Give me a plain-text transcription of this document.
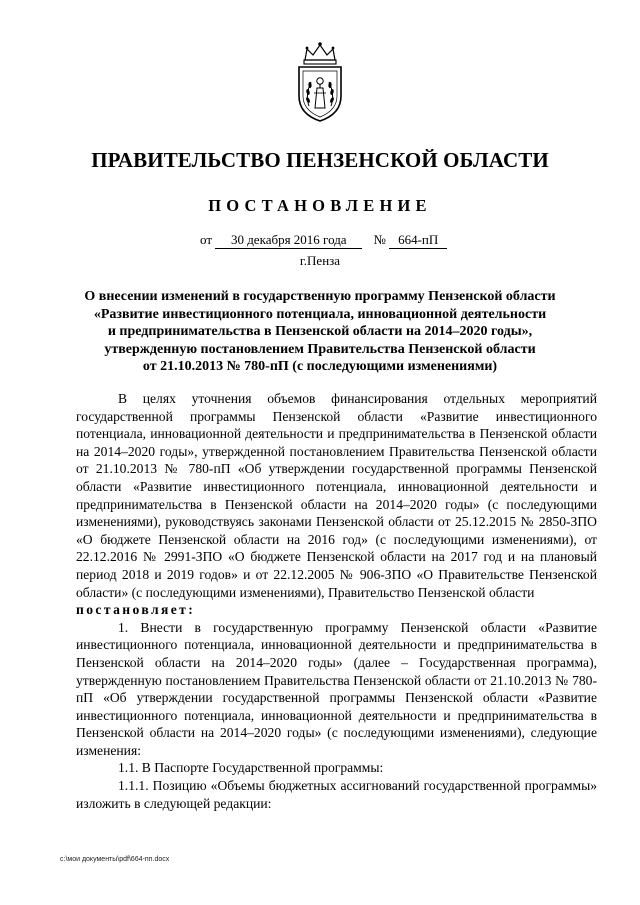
ПРАВИТЕЛЬСТВО ПЕНЗЕНСКОЙ ОБЛАСТИ
ПОСТАНОВЛЕНИЕ
от 30 декабря 2016 года № 664-пП
г.Пенза
О внесении изменений в государственную программу Пензенской области
«Развитие инвестиционного потенциала, инновационной деятельности
и предпринимательства в Пензенской области на 2014–2020 годы»,
утвержденную постановлением Правительства Пензенской области
от 21.10.2013 № 780-пП (с последующими изменениями)

В целях уточнения объемов финансирования отдельных мероприятий государственной программы Пензенской области «Развитие инвестиционного потенциала, инновационной деятельности и предпринимательства в Пензенской области на 2014–2020 годы», утвержденной постановлением Правительства Пензенской области от 21.10.2013 № 780-пП «Об утверждении государственной программы Пензенской области «Развитие инвестиционного потенциала, инновационной деятельности и предпринимательства в Пензенской области на 2014–2020 годы» (с последующими изменениями), руководствуясь законами Пензенской области от 25.12.2015 № 2850-ЗПО «О бюджете Пензенской области на 2016 год» (с последующими изменениями), от 22.12.2016 № 2991-ЗПО «О бюджете Пензенской области на 2017 год и на плановый период 2018 и 2019 годов» и от 22.12.2005 № 906-ЗПО «О Правительстве Пензенской области» (с последующими изменениями), Правительство Пензенской области

постановляет:

1. Внести в государственную программу Пензенской области «Развитие инвестиционного потенциала, инновационной деятельности и предпринимательства в Пензенской области на 2014–2020 годы» (далее – Государственная программа), утвержденную постановлением Правительства Пензенской области от 21.10.2013 № 780-пП «Об утверждении государственной программы Пензенской области «Развитие инвестиционного потенциала, инновационной деятельности и предпринимательства в Пензенской области на 2014–2020 годы» (с последующими изменениями), следующие изменения:

1.1. В Паспорте Государственной программы:

1.1.1. Позицию «Объемы бюджетных ассигнований государственной программы» изложить в следующей редакции:

c:\мои документы\pdf\664-пп.docx
